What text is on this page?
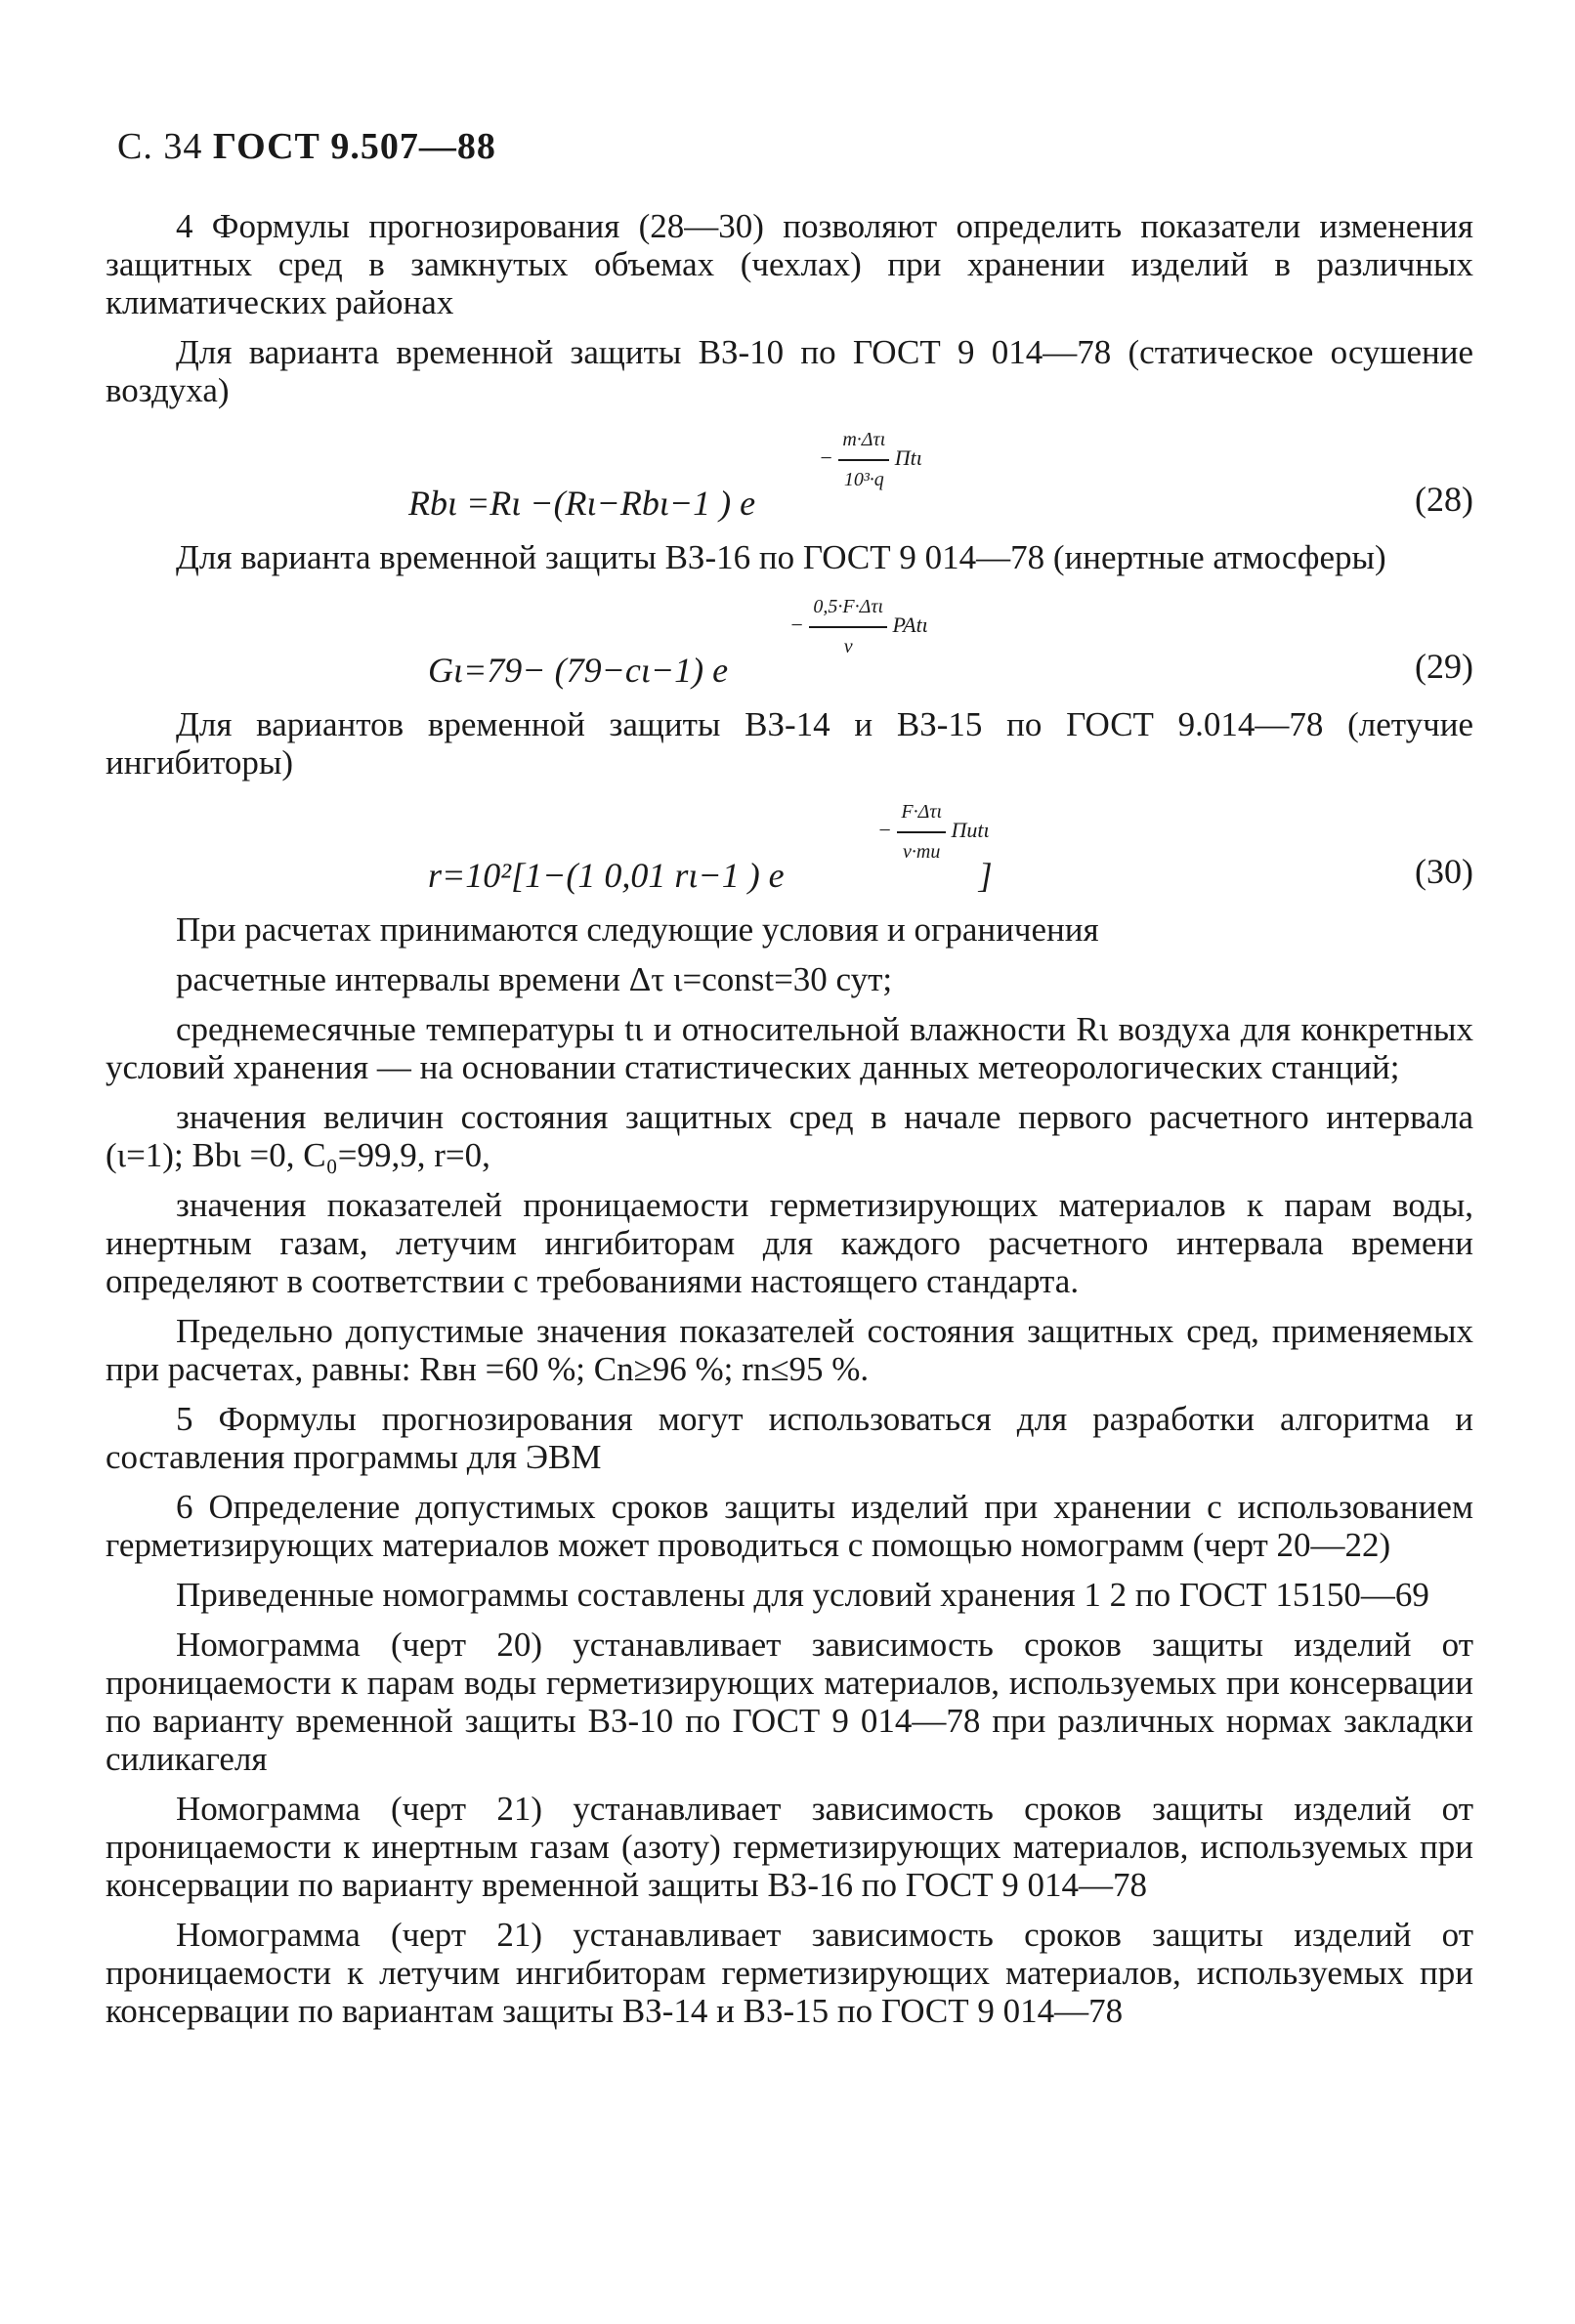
С. 34 ГОСТ 9.507—88

4 Формулы прогнозирования (28—30) позволяют определить показатели изменения защитных сред в замкнутых объемах (чехлах) при хранении изделий в различных климатических районах

Для варианта временной защиты ВЗ-10 по ГОСТ 9 014—78 (статическое осушение воздуха)

− $\frac{\text{m·Δτι}}{\text{10³·q}}$ Пtι
Rbι =Rι −(Rι−Rbι−1 ) e	(28)

Для варианта временной защиты ВЗ-16 по ГОСТ 9 014—78 (инертные атмосферы)

− $\frac{\text{0,5·F·Δτι}}{v}$ PAtι
Gι=79− (79−cι−1) e	(29)

Для вариантов временной защиты ВЗ-14 и ВЗ-15 по ГОСТ 9.014—78 (летучие ингибиторы)

− $\frac{\text{F·Δτι}}{v\cdot mи}$ Пиtι
r=10²[1−(1 0,01 rι−1 ) e	]	(30)

При расчетах принимаются следующие условия и ограничения

расчетные интервалы времени Δτ ι=const=30 сут;

среднемесячные температуры tι и относительной влажности Rι воздуха для конкретных условий хранения — на основании статистических данных метеорологических станций;

значения величин состояния защитных сред в начале первого расчетного интервала (ι=1); Bbι =0, C₀=99,9, r=0,

значения показателей проницаемости герметизирующих материалов к парам воды, инертным газам, летучим ингибиторам для каждого расчетного интервала времени определяют в соответствии с требованиями настоящего стандарта.

Предельно допустимые значения показателей состояния защитных сред, применяемых при расчетах, равны: Rвн =60 %; Cn≥96 %; rn≤95 %.

5 Формулы прогнозирования могут использоваться для разработки алгоритма и составления программы для ЭВМ

6 Определение допустимых сроков защиты изделий при хранении с использованием герметизирующих материалов может проводиться с помощью номограмм (черт 20—22)

Приведенные номограммы составлены для условий хранения 1 2 по ГОСТ 15150—69

Номограмма (черт 20) устанавливает зависимость сроков защиты изделий от проницаемости к парам воды герметизирующих материалов, используемых при консервации по варианту временной защиты ВЗ-10 по ГОСТ 9 014—78 при различных нормах закладки силикагеля

Номограмма (черт 21) устанавливает зависимость сроков защиты изделий от проницаемости к инертным газам (азоту) герметизирующих материалов, используемых при консервации по варианту временной защиты ВЗ-16 по ГОСТ 9 014—78

Номограмма (черт 21) устанавливает зависимость сроков защиты изделий от проницаемости к летучим ингибиторам герметизирующих материалов, используемых при консервации по вариантам защиты ВЗ-14 и ВЗ-15 по ГОСТ 9 014—78
